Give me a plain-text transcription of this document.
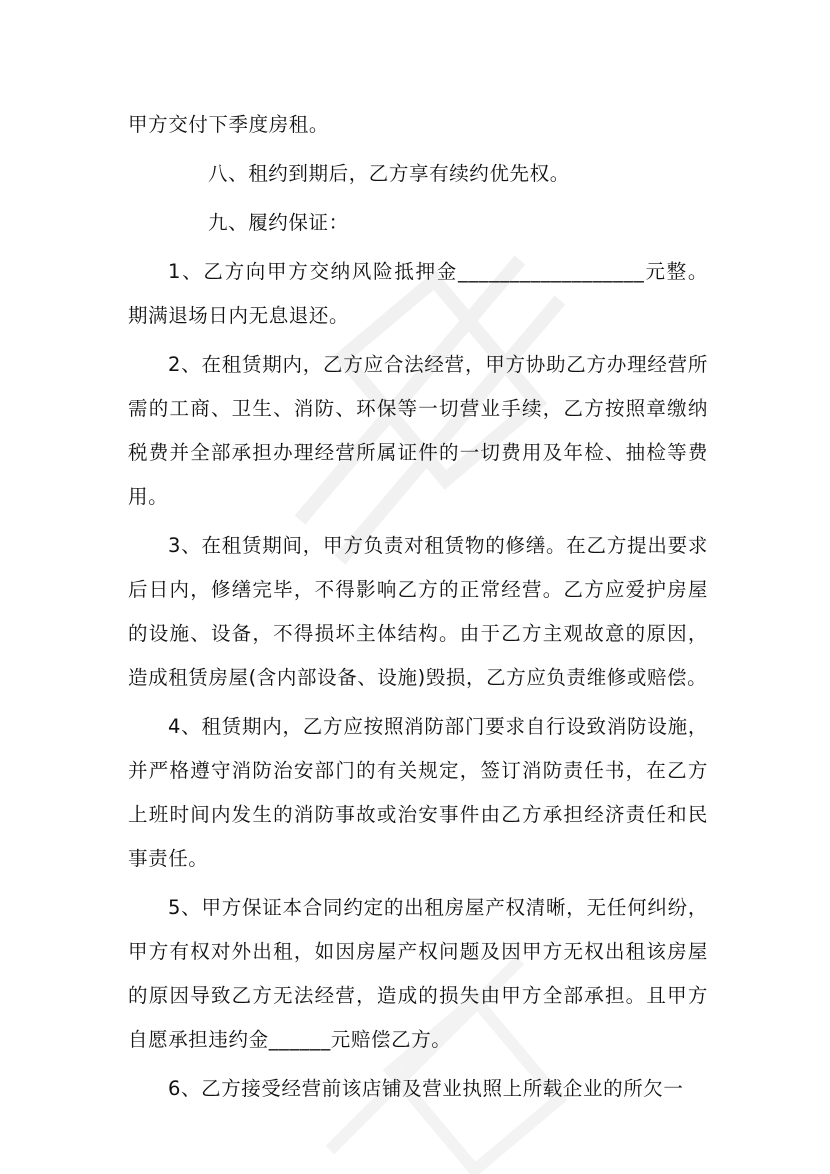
甲方交付下季度房租。

八、租约到期后，乙方享有续约优先权。

九、履约保证：

1、乙方向甲方交纳风险抵押金__________________元整。期满退场日内无息退还。

2、在租赁期内，乙方应合法经营，甲方协助乙方办理经营所需的工商、卫生、消防、环保等一切营业手续，乙方按照章缴纳税费并全部承担办理经营所属证件的一切费用及年检、抽检等费用。

3、在租赁期间，甲方负责对租赁物的修缮。在乙方提出要求后日内，修缮完毕，不得影响乙方的正常经营。乙方应爱护房屋的设施、设备，不得损坏主体结构。由于乙方主观故意的原因，造成租赁房屋(含内部设备、设施)毁损，乙方应负责维修或赔偿。

4、租赁期内，乙方应按照消防部门要求自行设致消防设施，并严格遵守消防治安部门的有关规定，签订消防责任书，在乙方上班时间内发生的消防事故或治安事件由乙方承担经济责任和民事责任。

5、甲方保证本合同约定的出租房屋产权清晰，无任何纠纷，甲方有权对外出租，如因房屋产权问题及因甲方无权出租该房屋的原因导致乙方无法经营，造成的损失由甲方全部承担。且甲方自愿承担违约金______元赔偿乙方。

6、乙方接受经营前该店铺及营业执照上所载企业的所欠一
